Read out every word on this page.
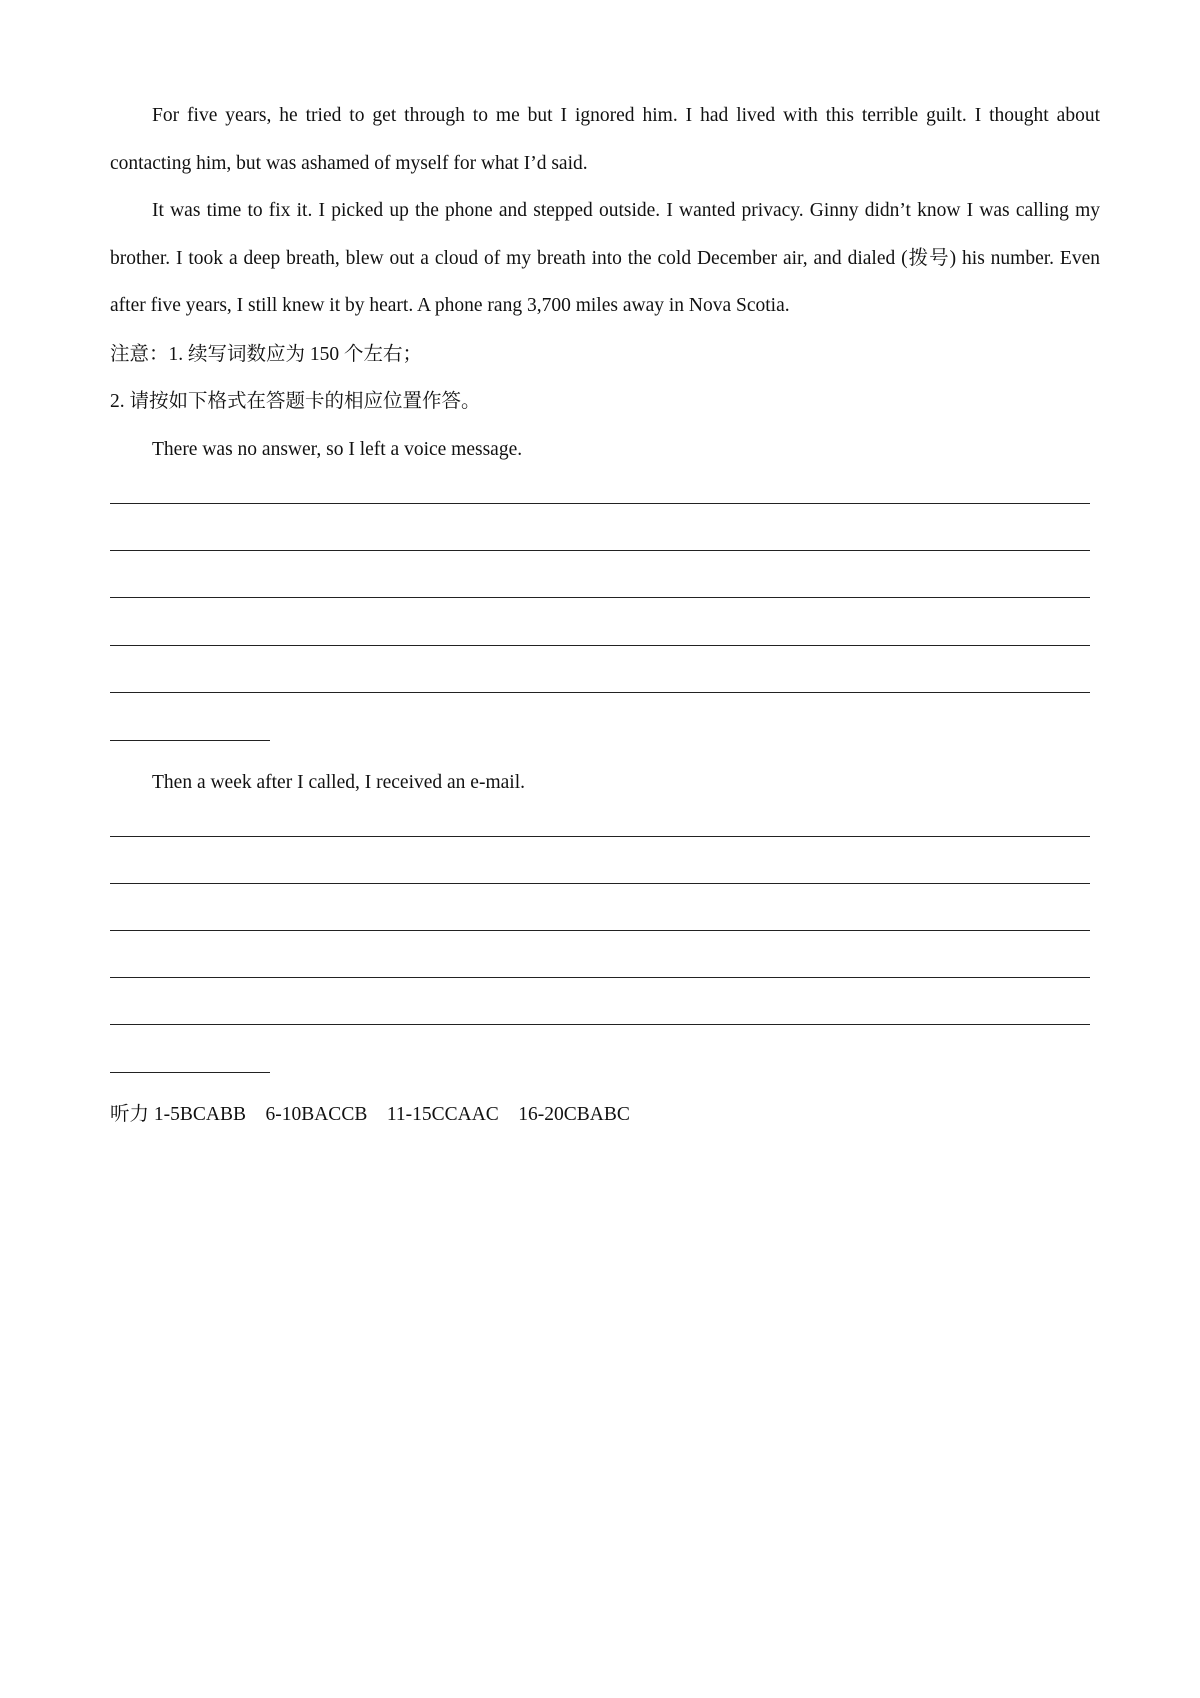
For five years, he tried to get through to me but I ignored him. I had lived with this terrible guilt. I thought about contacting him, but was ashamed of myself for what I’d said.

It was time to fix it. I picked up the phone and stepped outside. I wanted privacy. Ginny didn’t know I was calling my brother. I took a deep breath, blew out a cloud of my breath into the cold December air, and dialed (拨号) his number. Even after five years, I still knew it by heart. A phone rang 3,700 miles away in Nova Scotia.

注意：1. 续写词数应为 150 个左右；

2. 请按如下格式在答题卡的相应位置作答。

There was no answer, so I left a voice message.

Then a week after I called, I received an e-mail.

听力 1-5BCABB　6-10BACCB　11-15CCAAC　16-20CBABC
